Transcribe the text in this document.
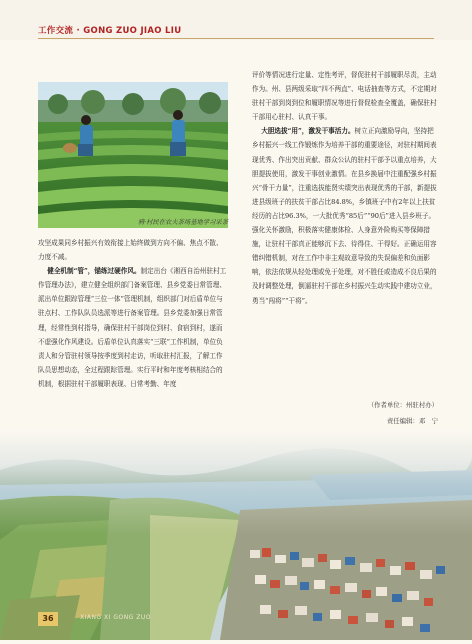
工作交流 · GONG ZUO JIAO LIU
鸦·村民在农夫茶场基地学习采茶

攻坚成果同乡村振兴有效衔接上始终做到方向不偏、焦点不散、力度不减。

健全机制“管”，锚练过硬作风。制定出台《湘西自治州驻村工作管理办法》，建立健全组织部门备案管理、县乡党委日常管理、派出单位跟踪管理“三位一体”管理机制，组织部门对后盾单位与驻点村、工作队队员选派等进行备案管理。县乡党委加强日常管理，经常性到村指导，确保驻村干部岗位到村、食宿到村，遂而不虚强化作风建设。后盾单位认真落实“三联”工作机制，单位负责人和分管驻村领导按季度到村走访，听取驻村汇报，了解工作队员思想动态，全过程跟踪管理。实行平时和年度考核相结合的机制，根据驻村干部履职表现、日常考勤、年度

评价等情况进行定量、定性考评，督促驻村干部履职尽责，主动作为。州、县两级采取“四不两直”、电话抽查等方式，不定期对驻村干部到岗到位和履职情况等进行督促检查全覆盖，确保驻村干部用心驻村、认真干事。

大胆选拔“用”，激发干事活力。树立正向激励导向，坚持把乡村振兴一线工作锻炼作为培养干部的重要途径，对驻村期间表现优秀、作出突出贡献、群众公认的驻村干部予以重点培养，大胆提拔使用，激发干事创业激情。在县乡换届中注重配强乡村振兴“骨干力量”，注重选拔能贤实绩突出表现优秀的干部，新提拔进县级班子的扶贫干部占比84.8%，乡镇班子中有2年以上扶贫经历的占比96.3%，一大批优秀“85后”“90后”进入县乡班子。强化关怀激励，积极落实健康体检、人身意外险购买等保障措施，让驻村干部真正能够沉下去、待得住、干得好。正确运用容错纠错机制，对在工作中非主观故意导致的失误偏差和负面影响，依法依规从轻处理或免于处理，对不胜任或造成不良后果的及时调整处理，倒逼驻村干部在乡村振兴生动实践中建功立业，勇当“闯将”“干将”。

（作者单位：州驻村办）
责任编辑：邓　宁
36	XIANG XI GONG ZUO
